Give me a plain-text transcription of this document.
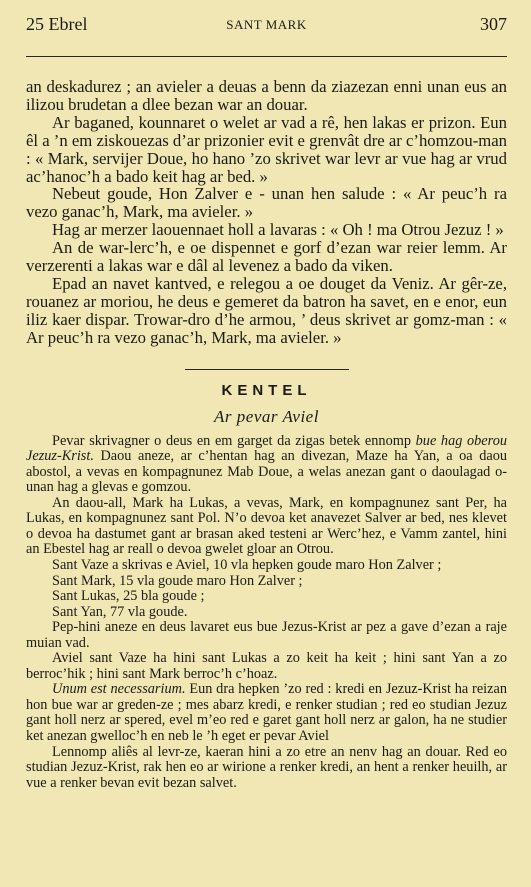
25 Ebrel	SANT MARK	307

an deskadurez ; an avieler a deuas a benn da ziazezan enni unan eus an ilizou brudetan a dlee bezan war an douar.

Ar baganed, kounnaret o welet ar vad a rê, hen lakas er prizon. Eun êl a ’n em ziskouezas d’ar prizonier evit e grenvât dre ar c’homzou-man : « Mark, servijer Doue, ho hano ’zo skrivet war levr ar vue hag ar vrud ac’hanoc’h a bado keit hag ar bed. »

Nebeut goude, Hon Zalver e - unan hen salude : « Ar peuc’h ra vezo ganac’h, Mark, ma avieler. »

Hag ar merzer laouennaet holl a lavaras : « Oh ! ma Otrou Jezuz ! »

An de war-lerc’h, e oe dispennet e gorf d’ezan war reier lemm. Ar verzerenti a lakas war e dâl al levenez a bado da viken.

Epad an navet kantved, e relegou a oe douget da Veniz. Ar gêr-ze, rouanez ar moriou, he deus e gemeret da batron ha savet, en e enor, eun iliz kaer dispar. Trowar-dro d’he armou, ’ deus skrivet ar gomz-man : « Ar peuc’h ra vezo ganac’h, Mark, ma avieler. »

KENTEL
Ar pevar Aviel

Pevar skrivagner o deus en em garget da zigas betek ennomp bue hag oberou Jezuz-Krist. Daou aneze, ar c’hentan hag an divezan, Maze ha Yan, a oa daou abostol, a vevas en kompagnunez Mab Doue, a welas anezan gant o daoulagad o-unan hag a glevas e gomzou.

An daou-all, Mark ha Lukas, a vevas, Mark, en kompagnunez sant Per, ha Lukas, en kompagnunez sant Pol. N’o devoa ket anavezet Salver ar bed, nes klevet o devoa ha dastumet gant ar brasan aked testeni ar Werc’hez, e Vamm zantel, hini an Ebestel hag ar reall o devoa gwelet gloar an Otrou.

Sant Vaze a skrivas e Aviel, 10 vla hepken goude maro Hon Zalver ;

Sant Mark, 15 vla goude maro Hon Zalver ;

Sant Lukas, 25 bla goude ;

Sant Yan, 77 vla goude.

Pep-hini aneze en deus lavaret eus bue Jezus-Krist ar pez a gave d’ezan a raje muian vad.

Aviel sant Vaze ha hini sant Lukas a zo keit ha keit ; hini sant Yan a zo berroc’hik ; hini sant Mark berroc’h c’hoaz.

Unum est necessarium. Eun dra hepken ’zo red : kredi en Jezuz-Krist ha reizan hon bue war ar greden-ze ; mes abarz kredi, e renker studian ; red eo studian Jezuz gant holl nerz ar spered, evel m’eo red e garet gant holl nerz ar galon, ha ne studier ket anezan gwelloc’h en neb le ’h eget er pevar Aviel

Lennomp aliês al levr-ze, kaeran hini a zo etre an nenv hag an douar. Red eo studian Jezuz-Krist, rak hen eo ar wirione a renker kredi, an hent a renker heuilh, ar vue a renker bevan evit bezan salvet.
